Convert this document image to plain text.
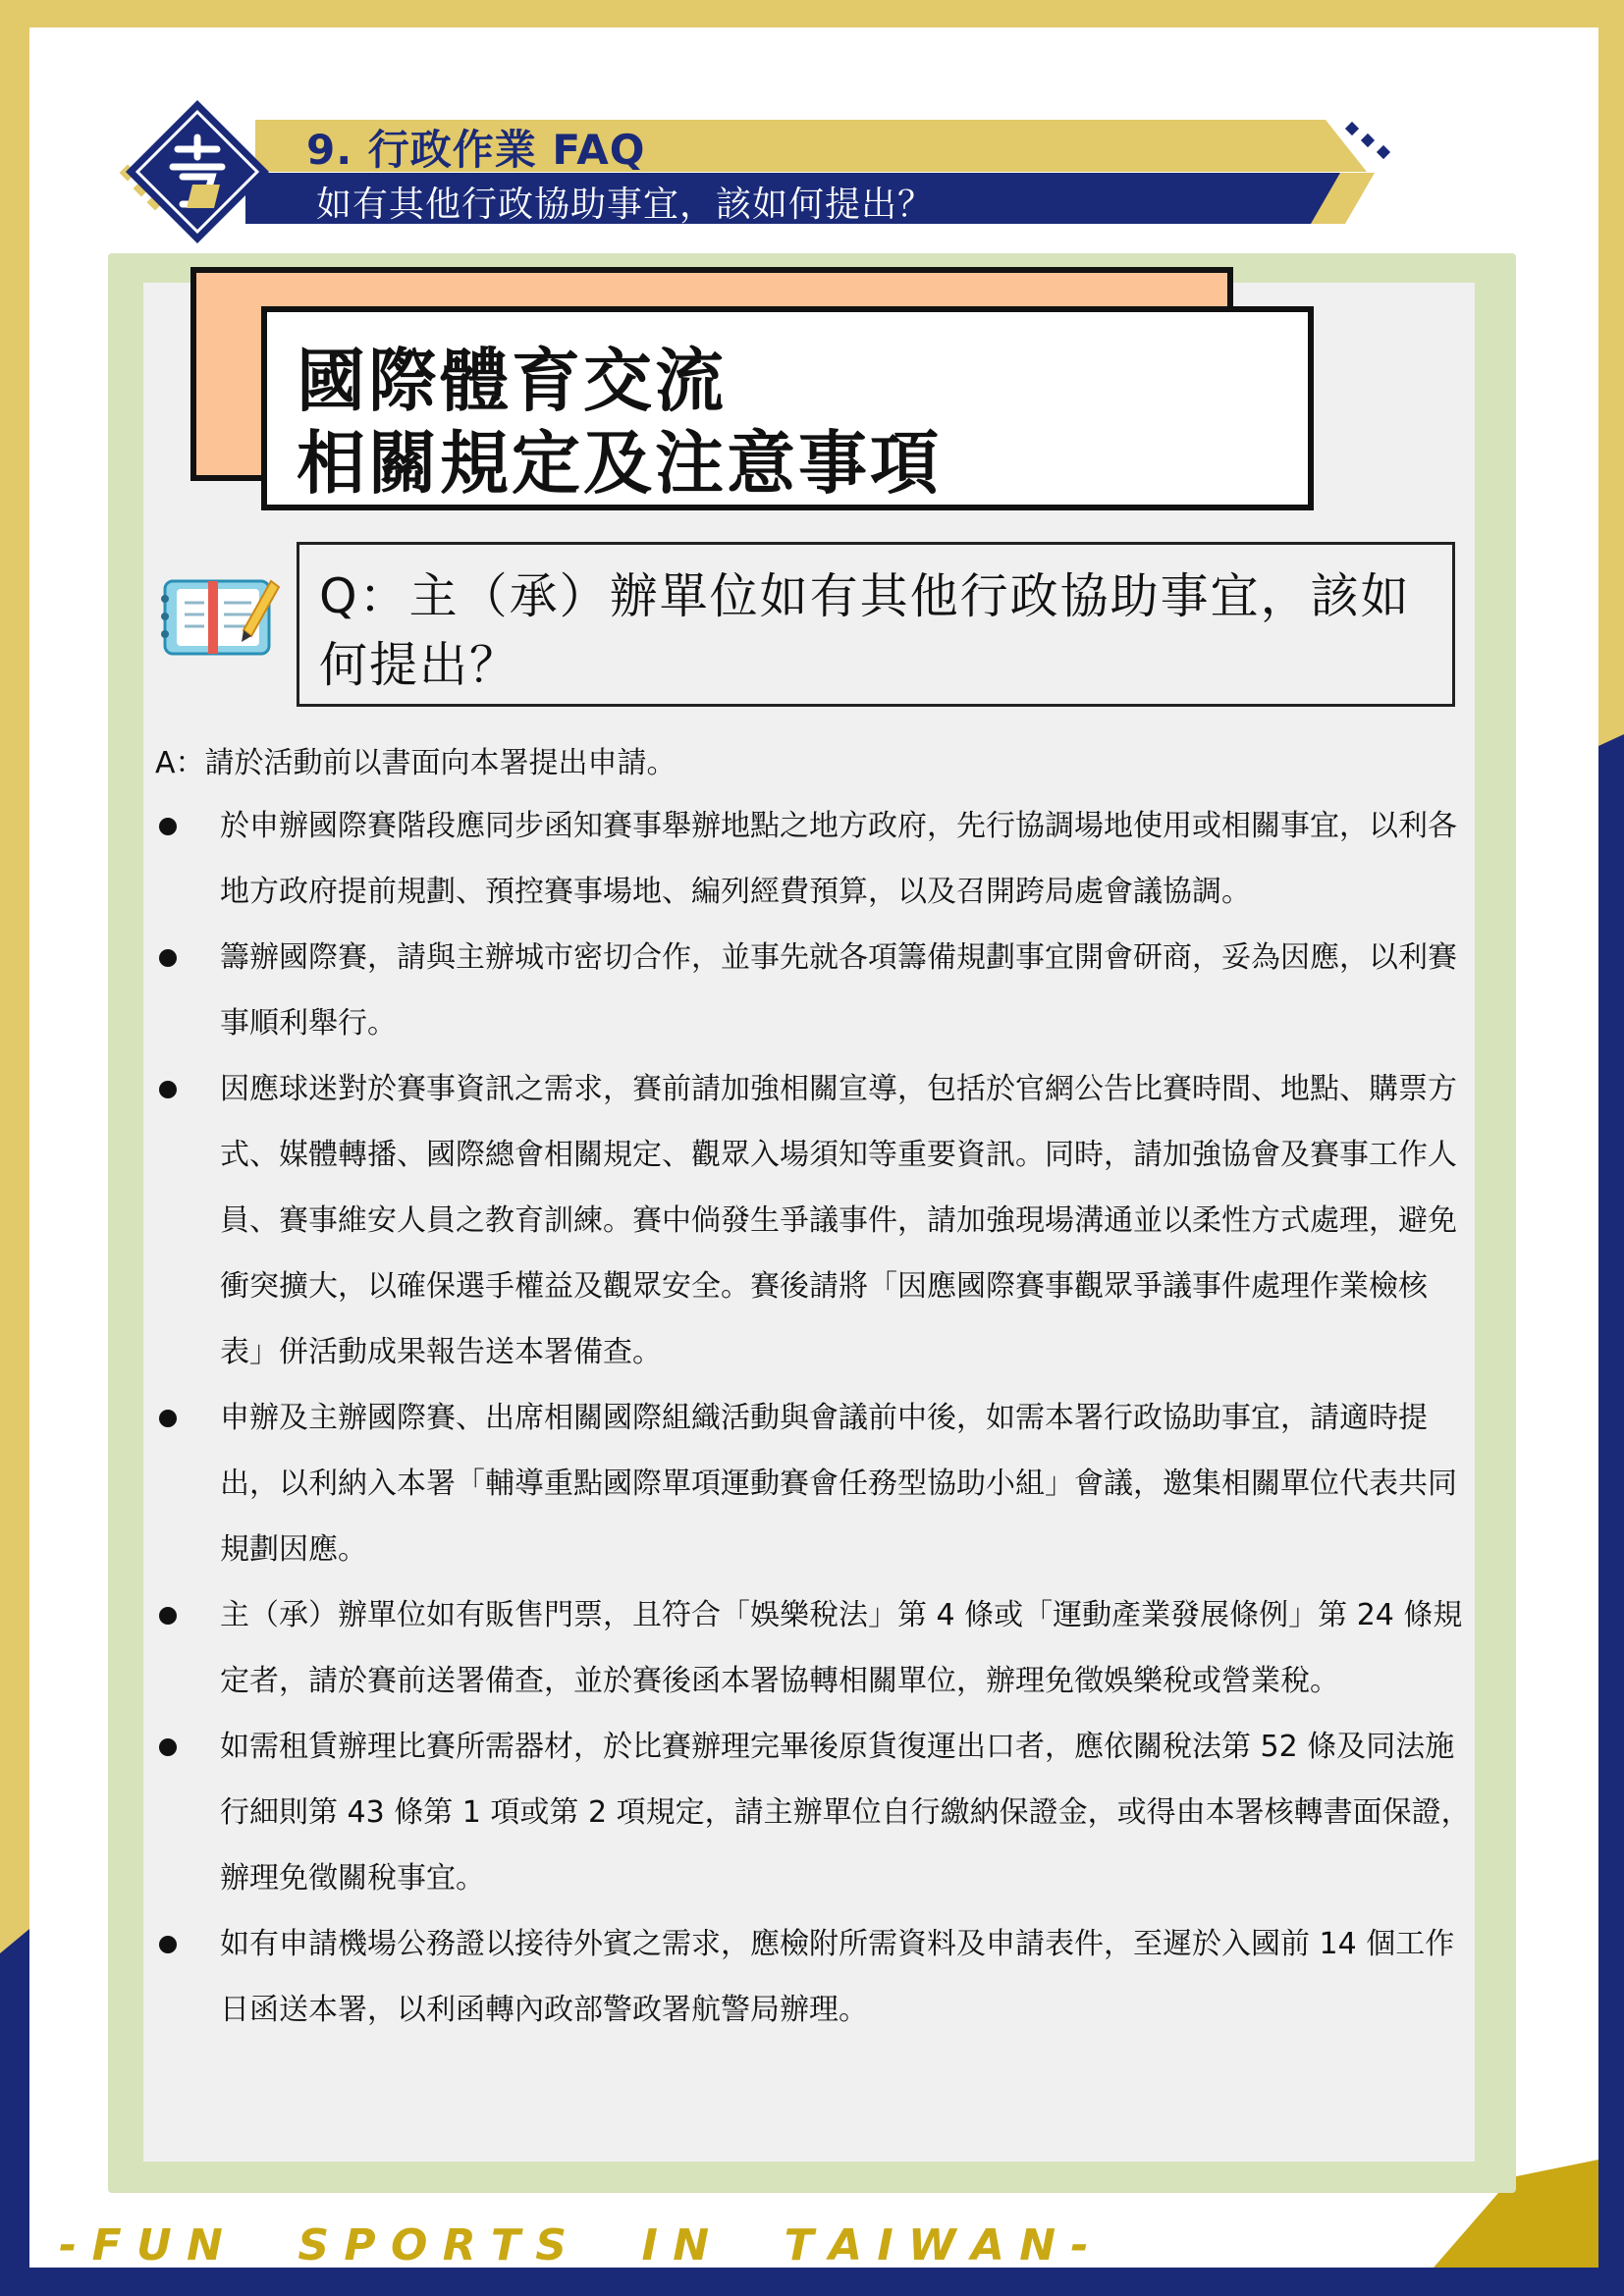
9. 行政作業 FAQ
如有其他行政協助事宜，該如何提出？
國際體育交流
相關規定及注意事項
Q：主（承）辦單位如有其他行政協助事宜，該如何提出？
A：請於活動前以書面向本署提出申請。
於申辦國際賽階段應同步函知賽事舉辦地點之地方政府，先行協調場地使用或相關事宜，以利各地方政府提前規劃、預控賽事場地、編列經費預算，以及召開跨局處會議協調。
籌辦國際賽，請與主辦城市密切合作，並事先就各項籌備規劃事宜開會研商，妥為因應，以利賽事順利舉行。
因應球迷對於賽事資訊之需求，賽前請加強相關宣導，包括於官網公告比賽時間、地點、購票方式、媒體轉播、國際總會相關規定、觀眾入場須知等重要資訊。同時，請加強協會及賽事工作人員、賽事維安人員之教育訓練。賽中倘發生爭議事件，請加強現場溝通並以柔性方式處理，避免衝突擴大，以確保選手權益及觀眾安全。賽後請將「因應國際賽事觀眾爭議事件處理作業檢核表」併活動成果報告送本署備查。
申辦及主辦國際賽、出席相關國際組織活動與會議前中後，如需本署行政協助事宜，請適時提出，以利納入本署「輔導重點國際單項運動賽會任務型協助小組」會議，邀集相關單位代表共同規劃因應。
主（承）辦單位如有販售門票，且符合「娛樂稅法」第 4 條或「運動產業發展條例」第 24 條規定者，請於賽前送署備查，並於賽後函本署協轉相關單位，辦理免徵娛樂稅或營業稅。
如需租賃辦理比賽所需器材，於比賽辦理完畢後原貨復運出口者，應依關稅法第 52 條及同法施行細則第 43 條第 1 項或第 2 項規定，請主辦單位自行繳納保證金，或得由本署核轉書面保證，辦理免徵關稅事宜。
如有申請機場公務證以接待外賓之需求，應檢附所需資料及申請表件，至遲於入國前 14 個工作日函送本署，以利函轉內政部警政署航警局辦理。
- F U N     S P O R T S     I N     T A I W A N -
